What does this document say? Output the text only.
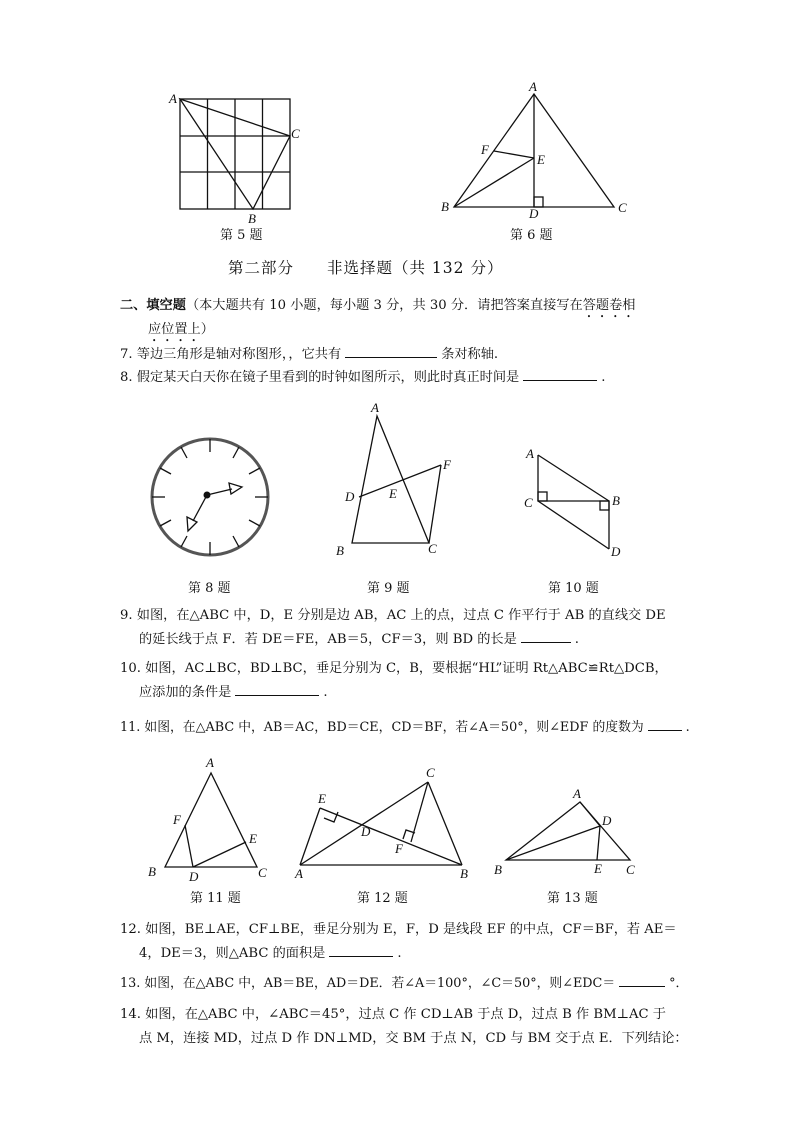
A
C
B
第 5 题
A
F
E
B	D	C
第 6 题
第二部分　　非选择题（共 132 分）
二、填空题（本大题共有 10 小题，每小题 3 分，共 30 分．请把答案直接写在答题卷相
应位置上）
7. 等边三角形是轴对称图形，，它共有	条对称轴.
8. 假定某天白天你在镜子里看到的时钟如图所示，则此时真正时间是	.
第 8 题
A
F
D	E
B	C
第 9 题
A
C	B
D
第 10 题
9. 如图，在△ABC 中，D，E 分别是边 AB，AC 上的点，过点 C 作平行于 AB 的直线交 DE
的延长线于点 F．若 DE＝FE，AB＝5，CF＝3，则 BD 的长是	.
10. 如图，AC⊥BC，BD⊥BC，垂足分别为 C，B，要根据“HL”证明 Rt△ABC≌Rt△DCB，
应添加的条件是	.
11. 如图，在△ABC 中，AB＝AC，BD＝CE，CD＝BF，若∠A＝50°，则∠EDF 的度数为	.
A
F
E
B	D	C
第 11 题
C
E
D
F
A	B
第 12 题
A
D
B	E C
第 13 题
12. 如图，BE⊥AE，CF⊥BE，垂足分别为 E，F，D 是线段 EF 的中点，CF＝BF，若 AE＝
4，DE＝3，则△ABC 的面积是	.
13. 如图，在△ABC 中，AB＝BE，AD＝DE．若∠A＝100°，∠C＝50°，则∠EDC＝	°．
14. 如图，在△ABC 中，∠ABC＝45°，过点 C 作 CD⊥AB 于点 D，过点 B 作 BM⊥AC 于
点 M，连接 MD，过点 D 作 DN⊥MD，交 BM 于点 N，CD 与 BM 交于点 E．下列结论：
